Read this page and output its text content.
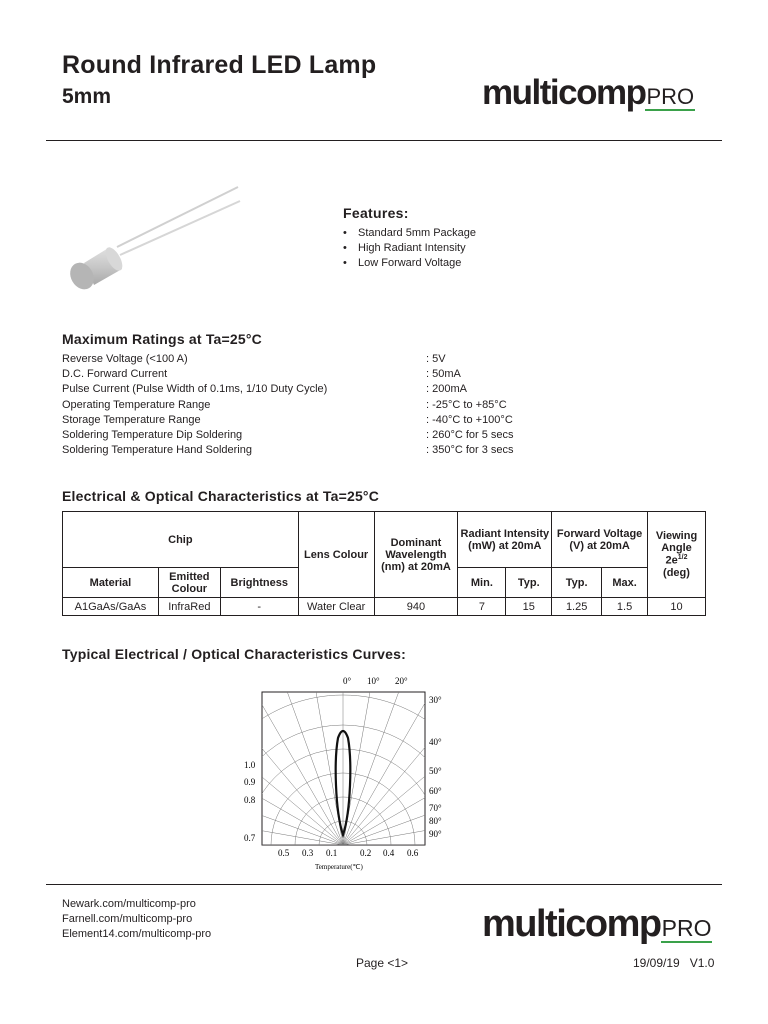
Round Infrared LED Lamp
5mm	multicompPRO
Features:
• Standard 5mm Package
• High Radiant Intensity
• Low Forward Voltage
Maximum Ratings at Ta=25°C
Reverse Voltage (<100 A)	: 5V
D.C. Forward Current	: 50mA
Pulse Current (Pulse Width of 0.1ms, 1/10 Duty Cycle)	: 200mA
Operating Temperature Range	: -25°C to +85°C
Storage Temperature Range	: -40°C to +100°C
Soldering Temperature Dip Soldering	: 260°C for 5 secs
Soldering Temperature Hand Soldering	: 350°C for 3 secs
Electrical & Optical Characteristics at Ta=25°C
Chip			Lens Colour	Dominant Wavelength (nm) at 20mA	Radiant Intensity (mW) at 20mA		Forward Voltage (V) at 20mA		Viewing Angle
$2e^{1/2}$
(deg)

Material	Emitted Colour	Brightness			Min.	Typ.	Typ.	Max.	
A1GaAs/GaAs	InfraRed	-	Water Clear	940	7	15	1.25	1.5	10
Typical Electrical / Optical Characteristics Curves:
0° 10° 20°
30°
40°
50°
60°
70°
80°
90°
1.0
0.9
0.8
0.7
0.5 0.3 0.1	0.2 0.4 0.6
Temperature(℃)
Newark.com/multicomp-pro
Farnell.com/multicomp-pro
Element14.com/multicomp-pro	multicompPRO
Page <1>	19/09/19 V1.0
